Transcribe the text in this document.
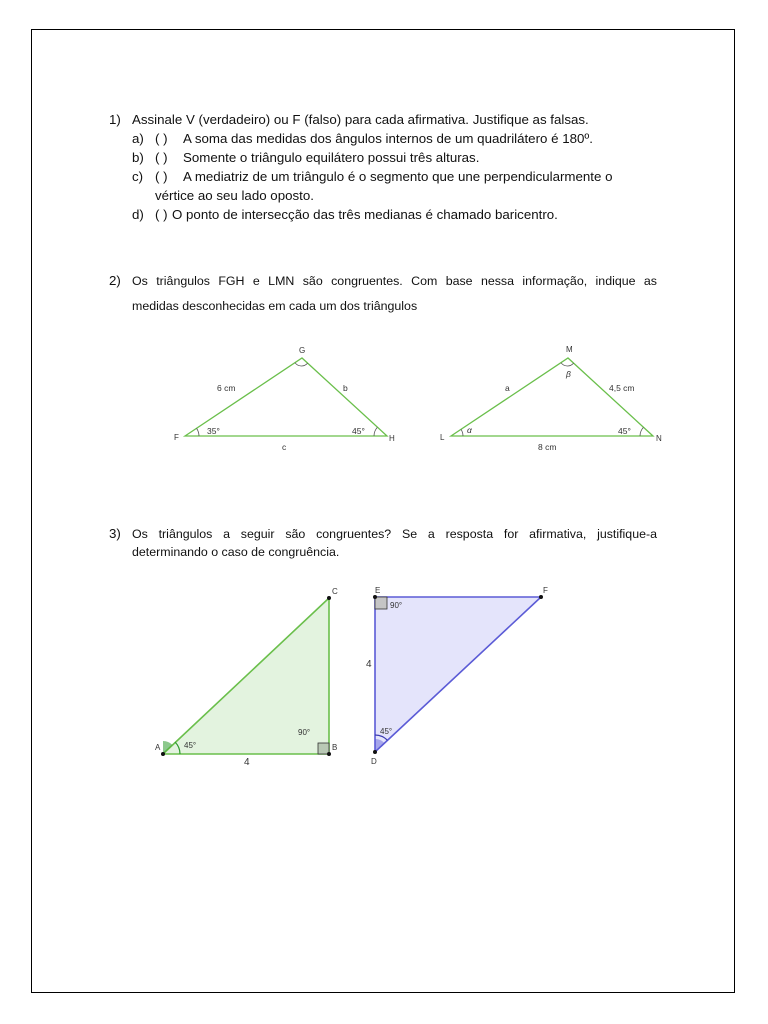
1) Assinale V (verdadeiro) ou F (falso) para cada afirmativa. Justifique as falsas.
a) ( ) A soma das medidas dos ângulos internos de um quadrilátero é 180º.
b) ( ) Somente o triângulo equilátero possui três alturas.
c) ( ) A mediatriz de um triângulo é o segmento que une perpendicularmente o
vértice ao seu lado oposto.
d) ( ) O ponto de intersecção das três medianas é chamado baricentro.
2) Os triângulos FGH e LMN são congruentes. Com base nessa informação, indique as
medidas desconhecidas em cada um dos triângulos
F
G
H
6 cm	b
c
35°	45°
L
M
N
a	4,5 cm
8 cm
α
β
45°
3) Os triângulos a seguir são congruentes? Se a resposta for afirmativa, justifique-a
determinando o caso de congruência.
A	B
C
45°
90°
4
E	F
D
90°
45°
4
